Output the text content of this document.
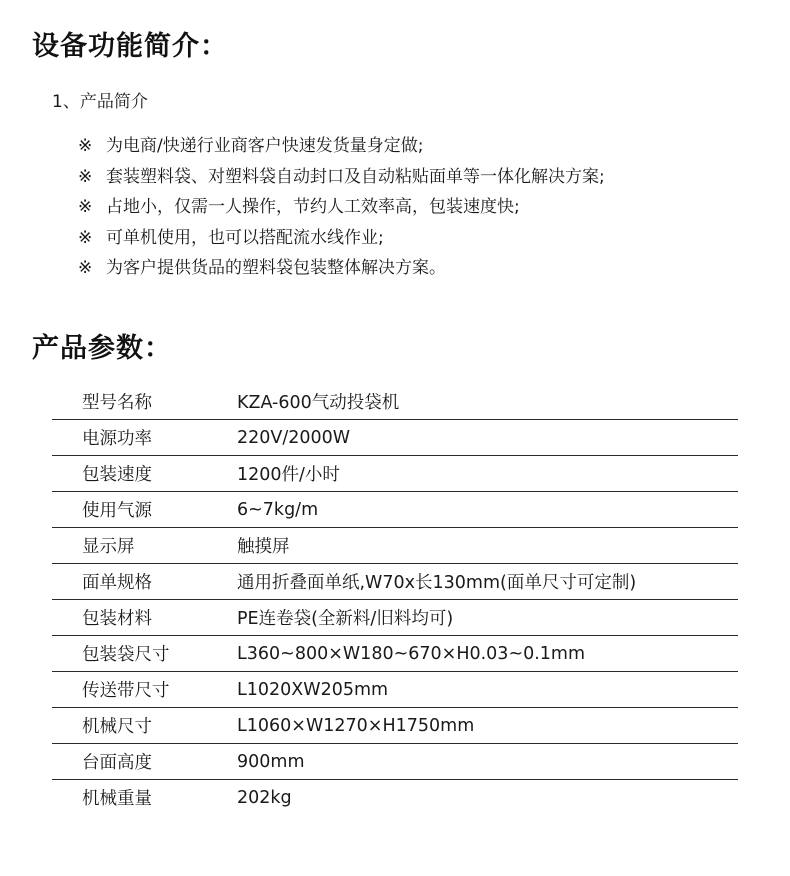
设备功能简介：
1、产品简介
※ 为电商/快递行业商客户快速发货量身定做;
※ 套装塑料袋、对塑料袋自动封口及自动粘贴面单等一体化解决方案;
※ 占地小，仅需一人操作，节约人工效率高，包装速度快;
※ 可单机使用，也可以搭配流水线作业;
※ 为客户提供货品的塑料袋包装整体解决方案。
产品参数：
型号名称	KZA-600气动投袋机
电源功率	220V/2000W
包装速度	1200件/小时
使用气源	6~7kg/m
显示屏	触摸屏
面单规格	通用折叠面单纸,W70x长130mm(面单尺寸可定制)
包装材料	PE连卷袋(全新料/旧料均可)
包装袋尺寸	L360~800×W180~670×H0.03~0.1mm
传送带尺寸	L1020XW205mm
机械尺寸	L1060×W1270×H1750mm
台面高度	900mm
机械重量	202kg
